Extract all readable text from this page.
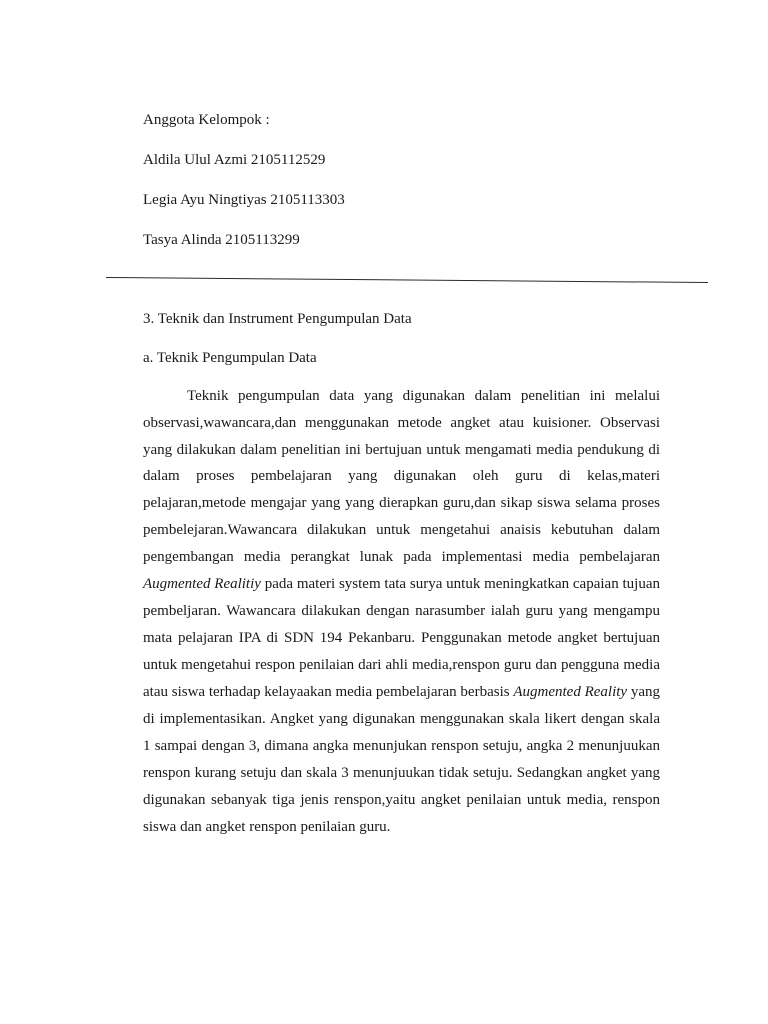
Anggota Kelompok :
Aldila Ulul Azmi 2105112529
Legia Ayu Ningtiyas 2105113303
Tasya Alinda 2105113299
3. Teknik dan Instrument Pengumpulan Data
a. Teknik Pengumpulan Data
Teknik pengumpulan data yang digunakan dalam penelitian ini melalui
observasi,wawancara,dan menggunakan metode angket atau kuisioner. Observasi
yang dilakukan dalam penelitian ini bertujuan untuk mengamati media pendukung di
dalam proses pembelajaran yang digunakan oleh guru di kelas,materi
pelajaran,metode mengajar yang yang dierapkan guru,dan sikap siswa selama proses
pembelejaran.Wawancara dilakukan untuk mengetahui anaisis kebutuhan dalam
pengembangan media perangkat lunak pada implementasi media pembelajaran
Augmented Realitiy pada materi system tata surya untuk meningkatkan capaian tujuan
pembeljaran. Wawancara dilakukan dengan narasumber ialah guru yang mengampu
mata pelajaran IPA di SDN 194 Pekanbaru. Penggunakan metode angket bertujuan
untuk mengetahui respon penilaian dari ahli media,renspon guru dan pengguna media
atau siswa terhadap kelayaakan media pembelajaran berbasis Augmented Reality yang
di implementasikan. Angket yang digunakan menggunakan skala likert dengan skala
1 sampai dengan 3, dimana angka menunjukan renspon setuju, angka 2 menunjuukan
renspon kurang setuju dan skala 3 menunjuukan tidak setuju. Sedangkan angket yang
digunakan sebanyak tiga jenis renspon,yaitu angket penilaian untuk media, renspon
siswa dan angket renspon penilaian guru.
